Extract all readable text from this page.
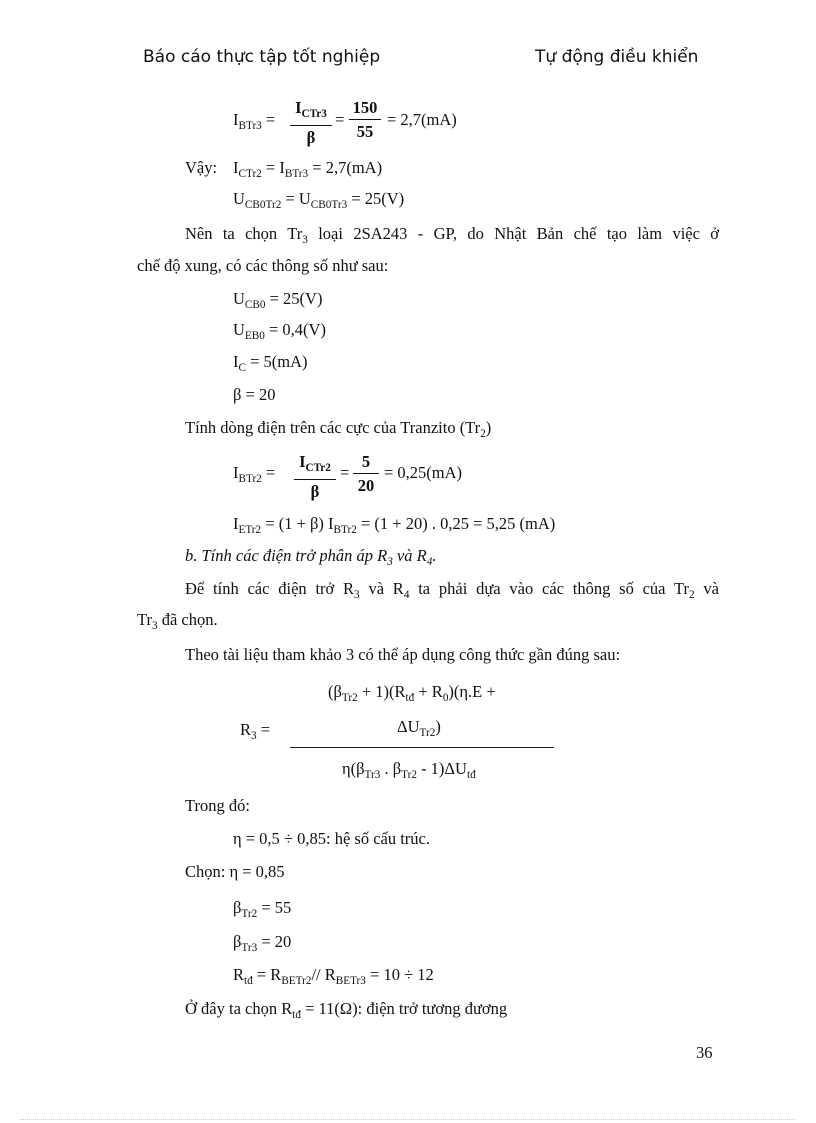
Báo cáo thực tập tốt nghiệp	Tự động điều khiển
$I_{BTr3}$ =
$I_{CTr3}$
β
=
150
55
= 2,7(mA)
Vậy: $I_{CTr2} = I_{BTr3} = 2,7(mA)$
$U_{CB0Tr2} = U_{CB0Tr3} = 25(V)$
Nên ta chọn $Tr_3$ loại 2SA243 - GP, do Nhật Bản chế tạo làm việc ở
chế độ xung, có các thông số như sau:
$U_{CB0} = 25(V)$
$U_{EB0} = 0,4(V)$
$I_C = 5(mA)$
β = 20
Tính dòng điện trên các cực của Tranzito $(Tr_2)$
$I_{BTr2}$ =
$I_{CTr2}$
β
=
5
20
= 0,25(mA)
$I_{ETr2} = (1 + \beta) I_{BTr2} = (1 + 20)$ . 0,25 = 5,25 (mA)
b. Tính các điện trở phân áp $R_3$ và $R_4$.
Để tính các điện trở $R_3$ và $R_4$ ta phải dựa vào các thông số của $Tr_2$ và
$Tr_3$ đã chọn.
Theo tài liệu tham khảo 3 có thể áp dụng công thức gần đúng sau:
$(\beta_{Tr2} + 1)(R_{tđ} + R_0)(\eta.E$ +
$R_3$ =	$\Delta U_{Tr2}$)
$\eta(\beta_{Tr3}$ . $\beta_{Tr2} - 1)\Delta U_{tđ}$
Trong đó:
η = 0,5 ÷ 0,85: hệ số cấu trúc.
Chọn: η = 0,85
$\beta_{Tr2} = 55$
$\beta_{Tr3} = 20$
$R_{tđ} = R_{BETr2}//$ $R_{BETr3} = 10 \div 12$
Ở đây ta chọn $R_{tđ} = 11(\Omega)$: điện trở tương đương
36
